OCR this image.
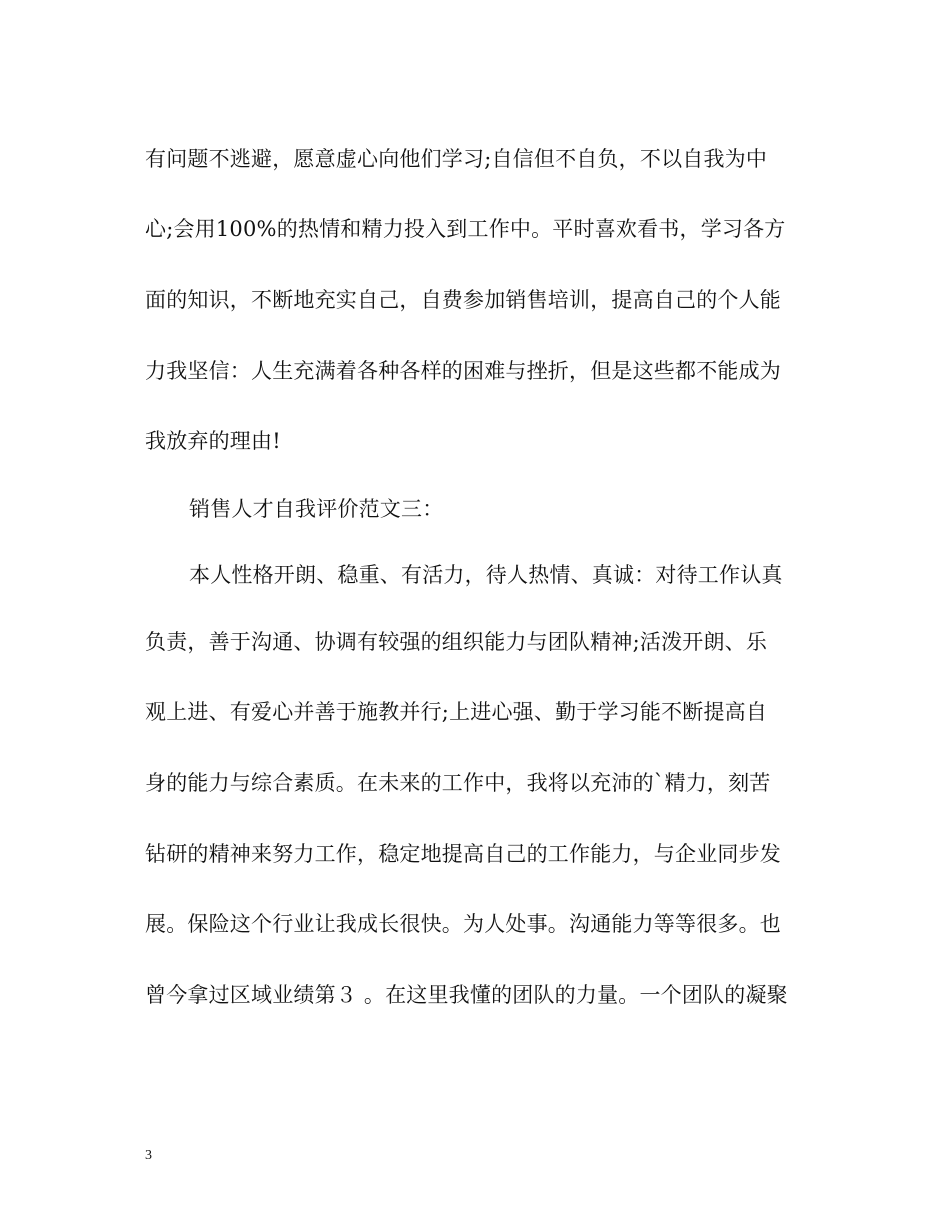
有问题不逃避，愿意虚心向他们学习;自信但不自负，不以自我为中
心;会用100%的热情和精力投入到工作中。平时喜欢看书，学习各方
面的知识，不断地充实自己，自费参加销售培训，提高自己的个人能
力我坚信：人生充满着各种各样的困难与挫折，但是这些都不能成为
我放弃的理由!
销售人才自我评价范文三：
本人性格开朗、稳重、有活力，待人热情、真诚：对待工作认真
负责，善于沟通、协调有较强的组织能力与团队精神;活泼开朗、乐
观上进、有爱心并善于施教并行;上进心强、勤于学习能不断提高自
身的能力与综合素质。在未来的工作中，我将以充沛的`精力，刻苦
钻研的精神来努力工作，稳定地提高自己的工作能力，与企业同步发
展。保险这个行业让我成长很快。为人处事。沟通能力等等很多。也
曾今拿过区域业绩第３ 。在这里我懂的团队的力量。一个团队的凝聚
3
